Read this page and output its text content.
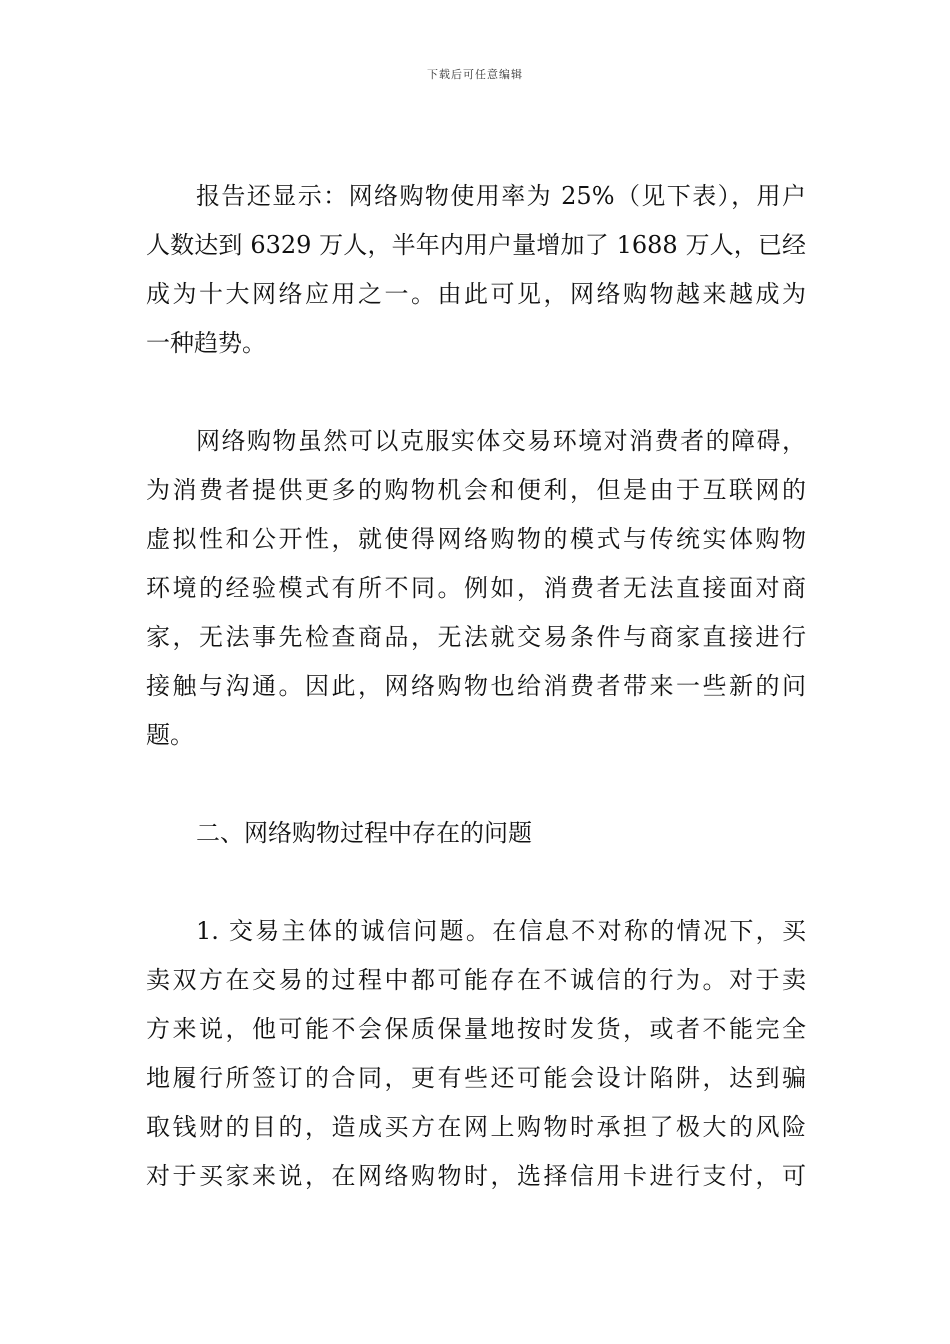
下载后可任意编辑
报告还显示：网络购物使用率为 25%（见下表），用户
人数达到 6329 万人，半年内用户量增加了 1688 万人，已经
成为十大网络应用之一。由此可见，网络购物越来越成为
一种趋势。
网络购物虽然可以克服实体交易环境对消费者的障碍，
为消费者提供更多的购物机会和便利，但是由于互联网的
虚拟性和公开性，就使得网络购物的模式与传统实体购物
环境的经验模式有所不同。例如，消费者无法直接面对商
家，无法事先检查商品，无法就交易条件与商家直接进行
接触与沟通。因此，网络购物也给消费者带来一些新的问
题。
二、网络购物过程中存在的问题
1. 交易主体的诚信问题。在信息不对称的情况下，买
卖双方在交易的过程中都可能存在不诚信的行为。对于卖
方来说，他可能不会保质保量地按时发货，或者不能完全
地履行所签订的合同，更有些还可能会设计陷阱，达到骗
取钱财的目的，造成买方在网上购物时承担了极大的风险
对于买家来说，在网络购物时，选择信用卡进行支付，可
